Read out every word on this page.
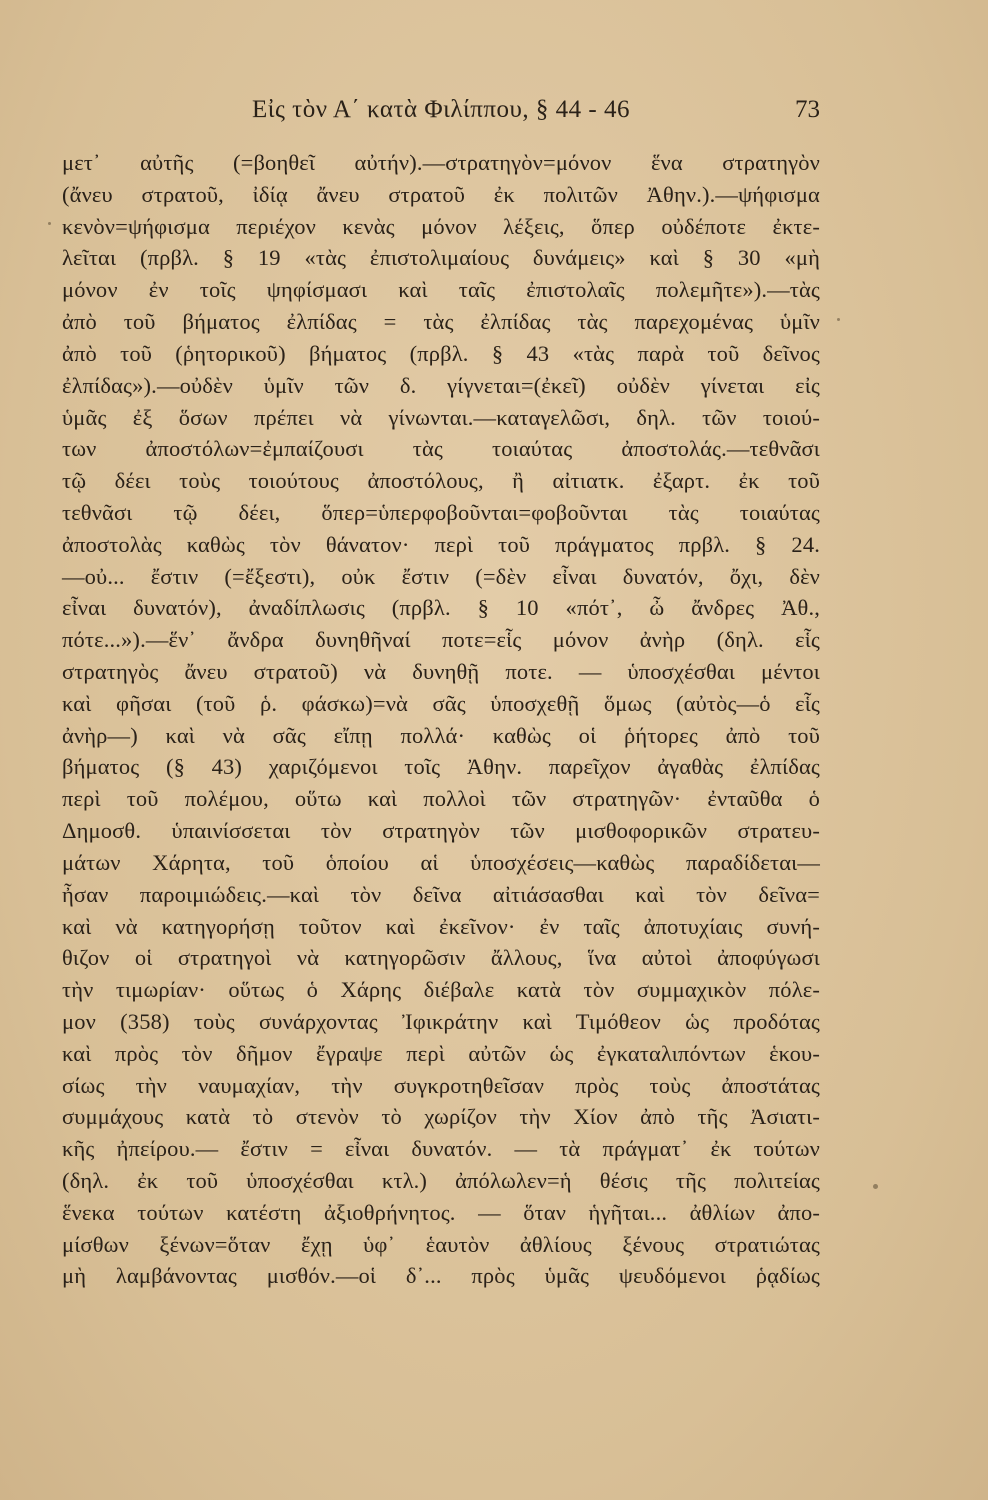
Εἰς τὸν Α΄ κατὰ Φιλίππου, § 44 - 46	73
μετ᾽ αὐτῆς (=βοηθεῖ αὐτήν).—στρατηγὸν=μόνον ἕνα στρατηγὸν
(ἄνευ στρατοῦ, ἰδίᾳ ἄνευ στρατοῦ ἐκ πολιτῶν Ἀθην.).—ψήφισμα
κενὸν=ψήφισμα περιέχον κενὰς μόνον λέξεις, ὅπερ οὐδέποτε ἐκτε-
λεῖται (πρβλ. § 19 «τὰς ἐπιστολιμαίους δυνάμεις» καὶ § 30 «μὴ
μόνον ἐν τοῖς ψηφίσμασι καὶ ταῖς ἐπιστολαῖς πολεμῆτε»).—τὰς
ἀπὸ τοῦ βήματος ἐλπίδας = τὰς ἐλπίδας τὰς παρεχομένας ὑμῖν
ἀπὸ τοῦ (ῥητορικοῦ) βήματος (πρβλ. § 43 «τὰς παρὰ τοῦ δεῖνος
ἐλπίδας»).—οὐδὲν ὑμῖν τῶν δ. γίγνεται=(ἐκεῖ) οὐδὲν γίνεται εἰς
ὑμᾶς ἐξ ὅσων πρέπει νὰ γίνωνται.—καταγελῶσι, δηλ. τῶν τοιού-
των ἀποστόλων=ἐμπαίζουσι τὰς τοιαύτας ἀποστολάς.—τεθνᾶσι
τῷ δέει τοὺς τοιούτους ἀποστόλους, ἢ αἰτιατκ. ἐξαρτ. ἐκ τοῦ
τεθνᾶσι τῷ δέει, ὅπερ=ὑπερφοβοῦνται=φοβοῦνται τὰς τοιαύτας
ἀποστολὰς καθὼς τὸν θάνατον· περὶ τοῦ πράγματος πρβλ. § 24.
—οὐ... ἔστιν (=ἔξεστι), οὐκ ἔστιν (=δὲν εἶναι δυνατόν, ὄχι, δὲν
εἶναι δυνατόν), ἀναδίπλωσις (πρβλ. § 10 «πότ᾽, ὦ ἄνδρες Ἀθ.,
πότε...»).—ἕν᾽ ἄνδρα δυνηθῆναί ποτε=εἷς μόνον ἀνὴρ (δηλ. εἷς
στρατηγὸς ἄνευ στρατοῦ) νὰ δυνηθῇ ποτε. — ὑποσχέσθαι μέντοι
καὶ φῆσαι (τοῦ ῥ. φάσκω)=νὰ σᾶς ὑποσχεθῇ ὅμως (αὐτὸς—ὁ εἷς
ἀνὴρ—) καὶ νὰ σᾶς εἴπῃ πολλά· καθὼς οἱ ῥήτορες ἀπὸ τοῦ
βήματος (§ 43) χαριζόμενοι τοῖς Ἀθην. παρεῖχον ἀγαθὰς ἐλπίδας
περὶ τοῦ πολέμου, οὕτω καὶ πολλοὶ τῶν στρατηγῶν· ἐνταῦθα ὁ
Δημοσθ. ὑπαινίσσεται τὸν στρατηγὸν τῶν μισθοφορικῶν στρατευ-
μάτων Χάρητα, τοῦ ὁποίου αἱ ὑποσχέσεις—καθὼς παραδίδεται—
ἦσαν παροιμιώδεις.—καὶ τὸν δεῖνα αἰτιάσασθαι καὶ τὸν δεῖνα=
καὶ νὰ κατηγορήσῃ τοῦτον καὶ ἐκεῖνον· ἐν ταῖς ἀποτυχίαις συνή-
θιζον οἱ στρατηγοὶ νὰ κατηγορῶσιν ἄλλους, ἵνα αὐτοὶ ἀποφύγωσι
τὴν τιμωρίαν· οὕτως ὁ Χάρης διέβαλε κατὰ τὸν συμμαχικὸν πόλε-
μον (358) τοὺς συνάρχοντας Ἰφικράτην καὶ Τιμόθεον ὡς προδότας
καὶ πρὸς τὸν δῆμον ἔγραψε περὶ αὐτῶν ὡς ἐγκαταλιπόντων ἑκου-
σίως τὴν ναυμαχίαν, τὴν συγκροτηθεῖσαν πρὸς τοὺς ἀποστάτας
συμμάχους κατὰ τὸ στενὸν τὸ χωρίζον τὴν Χίον ἀπὸ τῆς Ἀσιατι-
κῆς ἠπείρου.— ἔστιν = εἶναι δυνατόν. — τὰ πράγματ᾽ ἐκ τούτων
(δηλ. ἐκ τοῦ ὑποσχέσθαι κτλ.) ἀπόλωλεν=ἡ θέσις τῆς πολιτείας
ἕνεκα τούτων κατέστη ἀξιοθρήνητος. — ὅταν ἡγῆται... ἀθλίων ἀπο-
μίσθων ξένων=ὅταν ἔχῃ ὑφ᾽ ἑαυτὸν ἀθλίους ξένους στρατιώτας
μὴ λαμβάνοντας μισθόν.—οἱ δ᾽... πρὸς ὑμᾶς ψευδόμενοι ῥᾳδίως
